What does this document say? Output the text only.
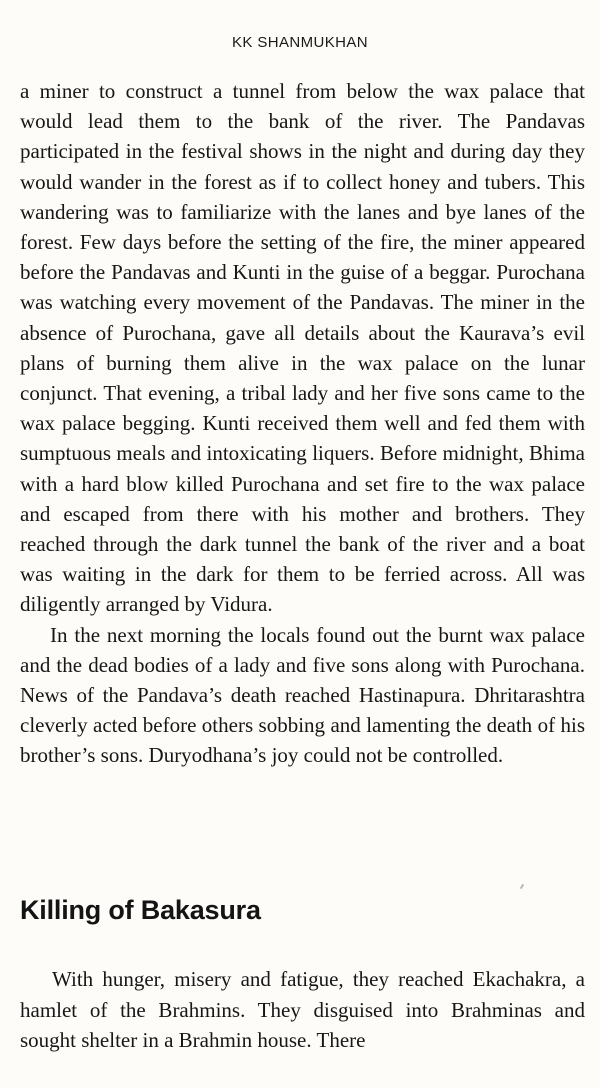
KK SHANMUKHAN

a miner to construct a tunnel from below the wax palace that would lead them to the bank of the river. The Pandavas participated in the festival shows in the night and during day they would wander in the forest as if to collect honey and tubers. This wandering was to familiarize with the lanes and bye lanes of the forest. Few days before the setting of the fire, the miner appeared before the Pandavas and Kunti in the guise of a beggar. Purochana was watching every movement of the Pandavas. The miner in the absence of Purochana, gave all details about the Kaurava’s evil plans of burning them alive in the wax palace on the lunar conjunct. That evening, a tribal lady and her five sons came to the wax palace begging. Kunti received them well and fed them with sumptuous meals and intoxicating liquers. Before midnight, Bhima with a hard blow killed Purochana and set fire to the wax palace and escaped from there with his mother and brothers. They reached through the dark tunnel the bank of the river and a boat was waiting in the dark for them to be ferried across. All was diligently arranged by Vidura.

In the next morning the locals found out the burnt wax palace and the dead bodies of a lady and five sons along with Purochana. News of the Pandava’s death reached Hastinapura. Dhritarashtra cleverly acted before others sobbing and lamenting the death of his brother’s sons. Duryodhana’s joy could not be controlled.

Killing of Bakasura

With hunger, misery and fatigue, they reached Ekachakra, a hamlet of the Brahmins. They disguised into Brahminas and sought shelter in a Brahmin house. There
